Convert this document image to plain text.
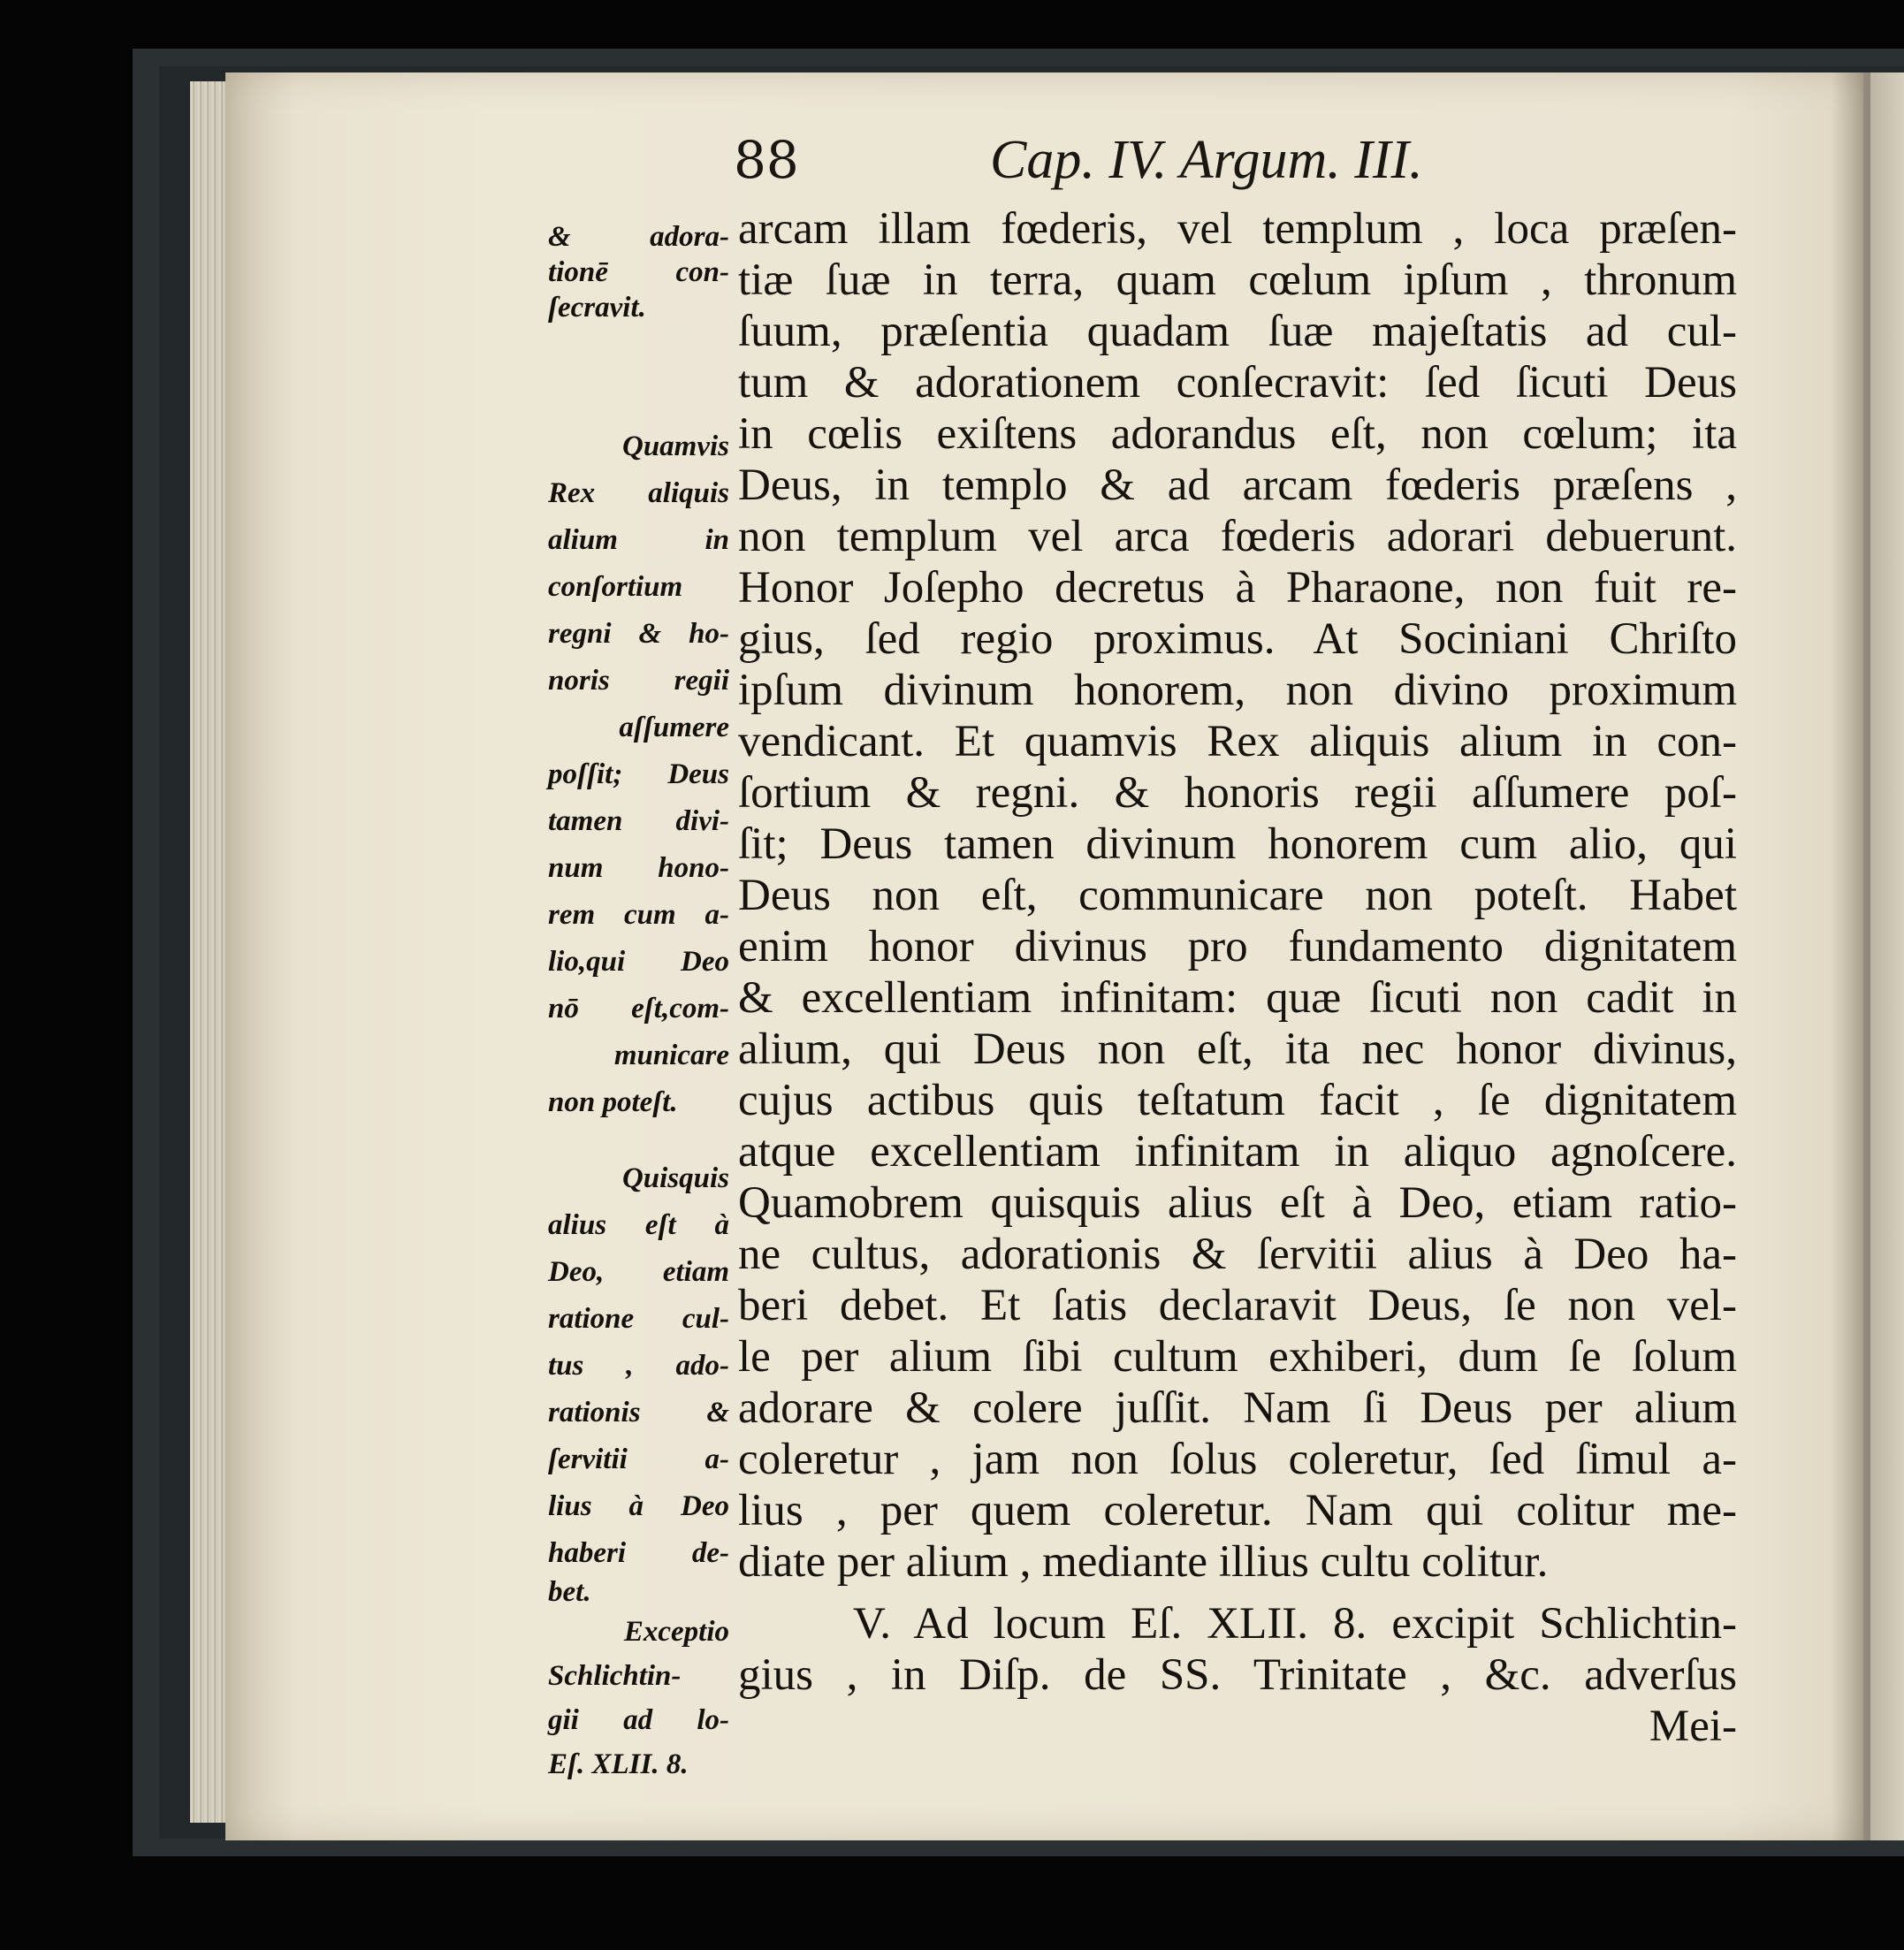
88	Cap. IV. Argum. III.
& adora-
tionē con-
ſecravit.
Quamvis
Rex aliquis
alium in
conſortium
regni & ho-
noris regii
aſſumere
poſſit; Deus
tamen divi-
num hono-
rem cum a-
lio,qui Deo
nō eſt,com-
municare
non poteſt.
Quisquis
alius eſt à
Deo, etiam
ratione cul-
tus , ado-
rationis &
ſervitii a-
lius à Deo
haberi de-
bet.
Exceptio
Schlichtin-
gii ad lo-
Eſ. XLII. 8.
arcam illam fœderis, vel templum , loca præſen-
tiæ ſuæ in terra, quam cœlum ipſum , thronum
ſuum, præſentia quadam ſuæ majeſtatis ad cul-
tum & adorationem conſecravit: ſed ſicuti Deus
in cœlis exiſtens adorandus eſt, non cœlum; ita
Deus, in templo & ad arcam fœderis præſens ,
non templum vel arca fœderis adorari debuerunt.
Honor Joſepho decretus à Pharaone, non fuit re-
gius, ſed regio proximus. At Sociniani Chriſto
ipſum divinum honorem, non divino proximum
vendicant. Et quamvis Rex aliquis alium in con-
ſortium & regni. & honoris regii aſſumere poſ-
ſit; Deus tamen divinum honorem cum alio, qui
Deus non eſt, communicare non poteſt. Habet
enim honor divinus pro fundamento dignitatem
& excellentiam infinitam: quæ ſicuti non cadit in
alium, qui Deus non eſt, ita nec honor divinus,
cujus actibus quis teſtatum facit , ſe dignitatem
atque excellentiam infinitam in aliquo agnoſcere.
Quamobrem quisquis alius eſt à Deo, etiam ratio-
ne cultus, adorationis & ſervitii alius à Deo ha-
beri debet. Et ſatis declaravit Deus, ſe non vel-
le per alium ſibi cultum exhiberi, dum ſe ſolum
adorare & colere juſſit. Nam ſi Deus per alium
coleretur , jam non ſolus coleretur, ſed ſimul a-
lius , per quem coleretur. Nam qui colitur me-
diate per alium , mediante illius cultu colitur.
V. Ad locum Eſ. XLII. 8. excipit Schlichtin-
gius , in Diſp. de SS. Trinitate , &c. adverſus
Mei-
